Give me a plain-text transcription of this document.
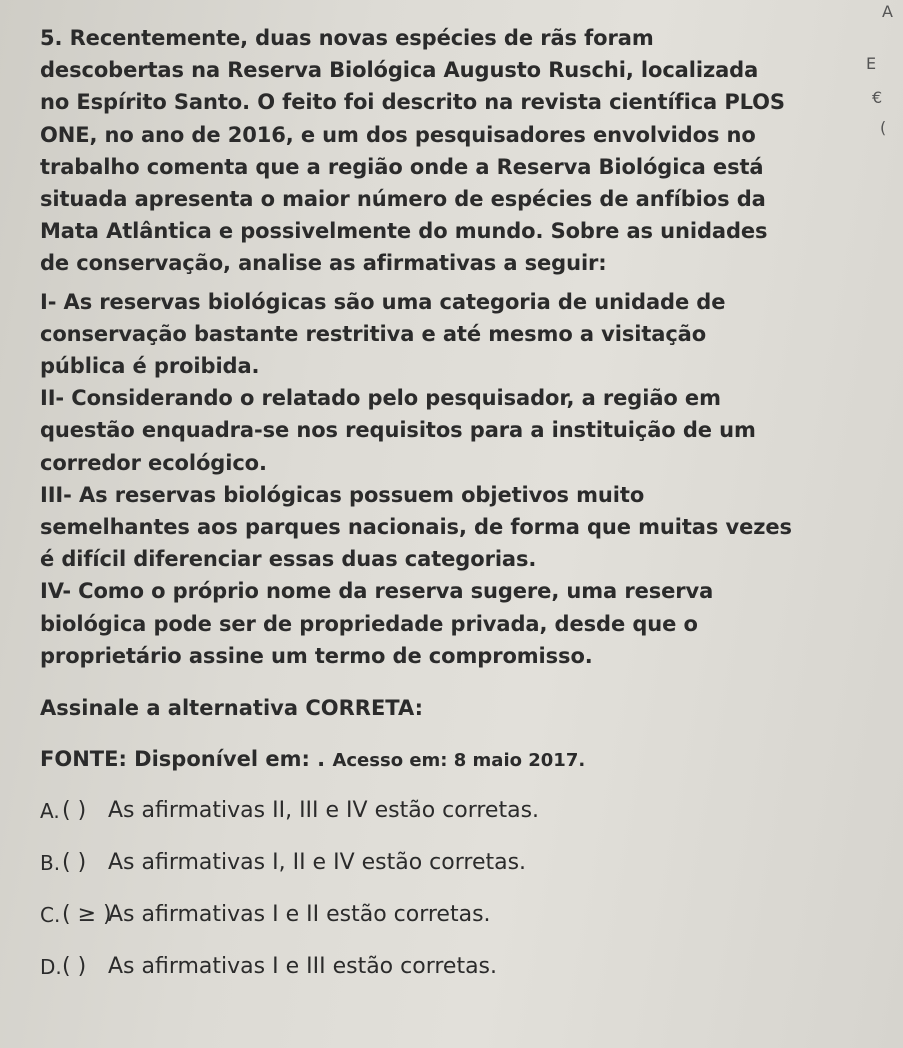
5. Recentemente, duas novas espécies de rãs foram
descobertas na Reserva Biológica Augusto Ruschi, localizada
no Espírito Santo. O feito foi descrito na revista científica PLOS
ONE, no ano de 2016, e um dos pesquisadores envolvidos no
trabalho comenta que a região onde a Reserva Biológica está
situada apresenta o maior número de espécies de anfíbios da
Mata Atlântica e possivelmente do mundo. Sobre as unidades
de conservação, analise as afirmativas a seguir:

I- As reservas biológicas são uma categoria de unidade de
conservação bastante restritiva e até mesmo a visitação
pública é proibida.

II- Considerando o relatado pelo pesquisador, a região em
questão enquadra-se nos requisitos para a instituição de um
corredor ecológico.

III- As reservas biológicas possuem objetivos muito
semelhantes aos parques nacionais, de forma que muitas vezes
é difícil diferenciar essas duas categorias.

IV- Como o próprio nome da reserva sugere, uma reserva
biológica pode ser de propriedade privada, desde que o
proprietário assine um termo de compromisso.

Assinale a alternativa CORRETA:
FONTE: Disponível em: . Acesso em: 8 maio 2017.
A. ( ) As afirmativas II, III e IV estão corretas.
B. ( ) As afirmativas I, II e IV estão corretas.
C. ( ≥ )
As afirmativas I e II estão corretas.
D. ( ) As afirmativas I e III estão corretas.
A
E
€
(
